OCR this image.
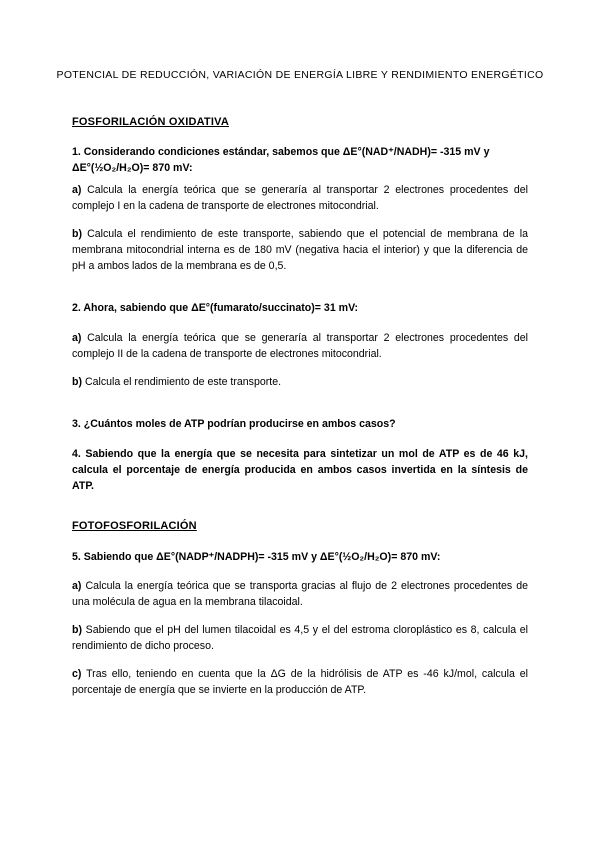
POTENCIAL DE REDUCCIÓN, VARIACIÓN DE ENERGÍA LIBRE Y RENDIMIENTO ENERGÉTICO
FOSFORILACIÓN OXIDATIVA
1. Considerando condiciones estándar, sabemos que ΔE°(NAD⁺/NADH)= -315 mV y
ΔE°(½O₂/H₂O)= 870 mV:
a) Calcula la energía teórica que se generaría al transportar 2 electrones procedentes del complejo I en la cadena de transporte de electrones mitocondrial.
b) Calcula el rendimiento de este transporte, sabiendo que el potencial de membrana de la membrana mitocondrial interna es de 180 mV (negativa hacia el interior) y que la diferencia de pH a ambos lados de la membrana es de 0,5.
2. Ahora, sabiendo que ΔE°(fumarato/succinato)= 31 mV:
a) Calcula la energía teórica que se generaría al transportar 2 electrones procedentes del complejo II de la cadena de transporte de electrones mitocondrial.
b) Calcula el rendimiento de este transporte.
3. ¿Cuántos moles de ATP podrían producirse en ambos casos?
4. Sabiendo que la energía que se necesita para sintetizar un mol de ATP es de 46 kJ, calcula el porcentaje de energía producida en ambos casos invertida en la síntesis de ATP.
FOTOFOSFORILACIÓN
5. Sabiendo que ΔE°(NADP⁺/NADPH)= -315 mV y ΔE°(½O₂/H₂O)= 870 mV:
a) Calcula la energía teórica que se transporta gracias al flujo de 2 electrones procedentes de una molécula de agua en la membrana tilacoidal.
b) Sabiendo que el pH del lumen tilacoidal es 4,5 y el del estroma cloroplástico es 8, calcula el rendimiento de dicho proceso.
c) Tras ello, teniendo en cuenta que la ΔG de la hidrólisis de ATP es -46 kJ/mol, calcula el porcentaje de energía que se invierte en la producción de ATP.
